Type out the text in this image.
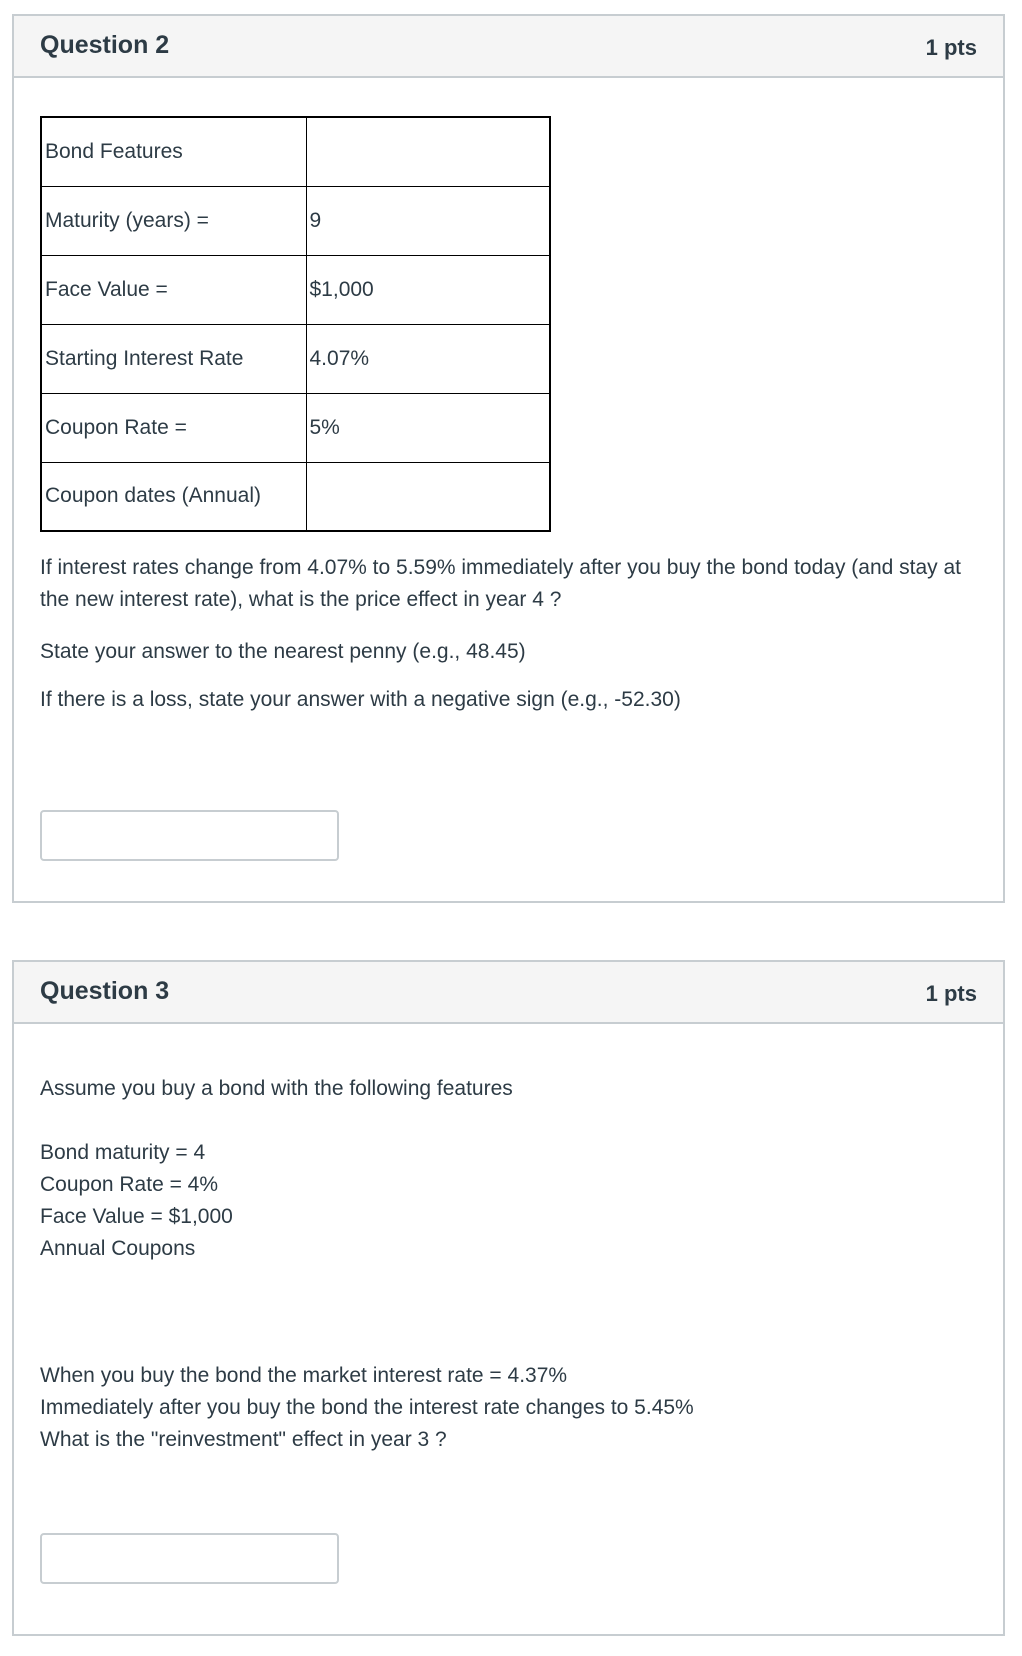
Question 2	1 pts
Bond Features	
Maturity (years) =	9
Face Value =	$1,000
Starting Interest Rate	4.07%
Coupon Rate =	5%
Coupon dates (Annual)	
If interest rates change from 4.07% to 5.59% immediately after you buy the bond today (and stay at the new interest rate), what is the price effect in year 4 ?
State your answer to the nearest penny (e.g., 48.45)
If there is a loss, state your answer with a negative sign (e.g., -52.30)
Question 3	1 pts
Assume you buy a bond with the following features
Bond maturity = 4
Coupon Rate = 4%
Face Value = $1,000
Annual Coupons
When you buy the bond the market interest rate = 4.37%
Immediately after you buy the bond the interest rate changes to 5.45%
What is the "reinvestment" effect in year 3 ?
